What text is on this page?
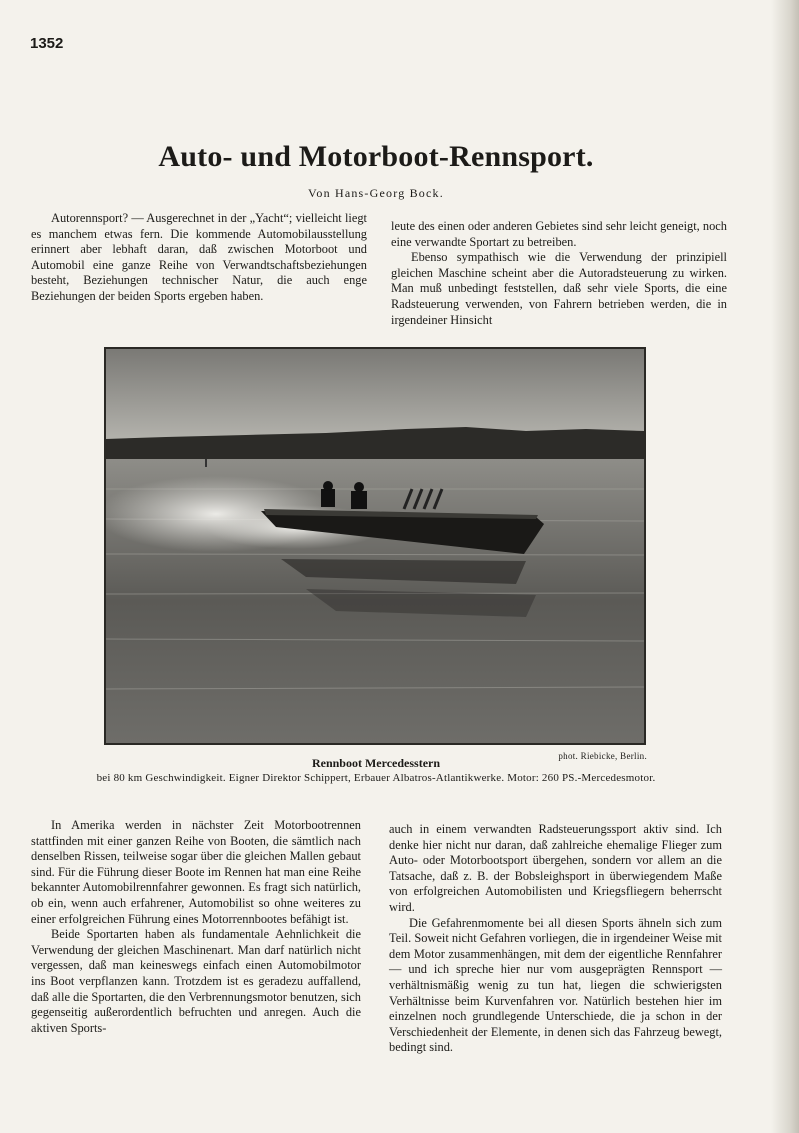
1352
Auto- und Motorboot-Rennsport.
Von Hans-Georg Bock.

Autorennsport? — Ausgerechnet in der „Yacht“; vielleicht liegt es manchem etwas fern. Die kommende Automobilausstellung erinnert aber lebhaft daran, daß zwischen Motorboot und Automobil eine ganze Reihe von Verwandtschaftsbeziehungen besteht, Beziehungen technischer Natur, die auch enge Beziehungen der beiden Sports ergeben haben.

leute des einen oder anderen Gebietes sind sehr leicht geneigt, noch eine verwandte Sportart zu betreiben.

Ebenso sympathisch wie die Verwendung der prinzipiell gleichen Maschine scheint aber die Autoradsteuerung zu wirken. Man muß unbedingt feststellen, daß sehr viele Sports, die eine Radsteuerung verwenden, von Fahrern betrieben werden, die in irgendeiner Hinsicht

phot. Riebicke, Berlin.
Rennboot Mercedesstern
bei 80 km Geschwindigkeit. Eigner Direktor Schippert, Erbauer Albatros-Atlantikwerke. Motor: 260 PS.-Mercedesmotor.

In Amerika werden in nächster Zeit Motorbootrennen stattfinden mit einer ganzen Reihe von Booten, die sämtlich nach denselben Rissen, teilweise sogar über die gleichen Mallen gebaut sind. Für die Führung dieser Boote im Rennen hat man eine Reihe bekannter Automobilrennfahrer gewonnen. Es fragt sich natürlich, ob ein, wenn auch erfahrener, Automobilist so ohne weiteres zu einer erfolgreichen Führung eines Motorrennbootes befähigt ist.

Beide Sportarten haben als fundamentale Aehnlichkeit die Verwendung der gleichen Maschinenart. Man darf natürlich nicht vergessen, daß man keineswegs einfach einen Automobilmotor ins Boot verpflanzen kann. Trotzdem ist es geradezu auffallend, daß alle die Sportarten, die den Verbrennungsmotor benutzen, sich gegenseitig außerordentlich befruchten und anregen. Auch die aktiven Sports-

auch in einem verwandten Radsteuerungssport aktiv sind. Ich denke hier nicht nur daran, daß zahlreiche ehemalige Flieger zum Auto- oder Motorbootsport übergehen, sondern vor allem an die Tatsache, daß z. B. der Bobsleighsport in überwiegendem Maße von erfolgreichen Automobilisten und Kriegsfliegern beherrscht wird.

Die Gefahrenmomente bei all diesen Sports ähneln sich zum Teil. Soweit nicht Gefahren vorliegen, die in irgendeiner Weise mit dem Motor zusammenhängen, mit dem der eigentliche Rennfahrer — und ich spreche hier nur vom ausgeprägten Rennsport — verhältnismäßig wenig zu tun hat, liegen die schwierigsten Verhältnisse beim Kurvenfahren vor. Natürlich bestehen hier im einzelnen noch grundlegende Unterschiede, die ja schon in der Verschiedenheit der Elemente, in denen sich das Fahrzeug bewegt, bedingt sind.
